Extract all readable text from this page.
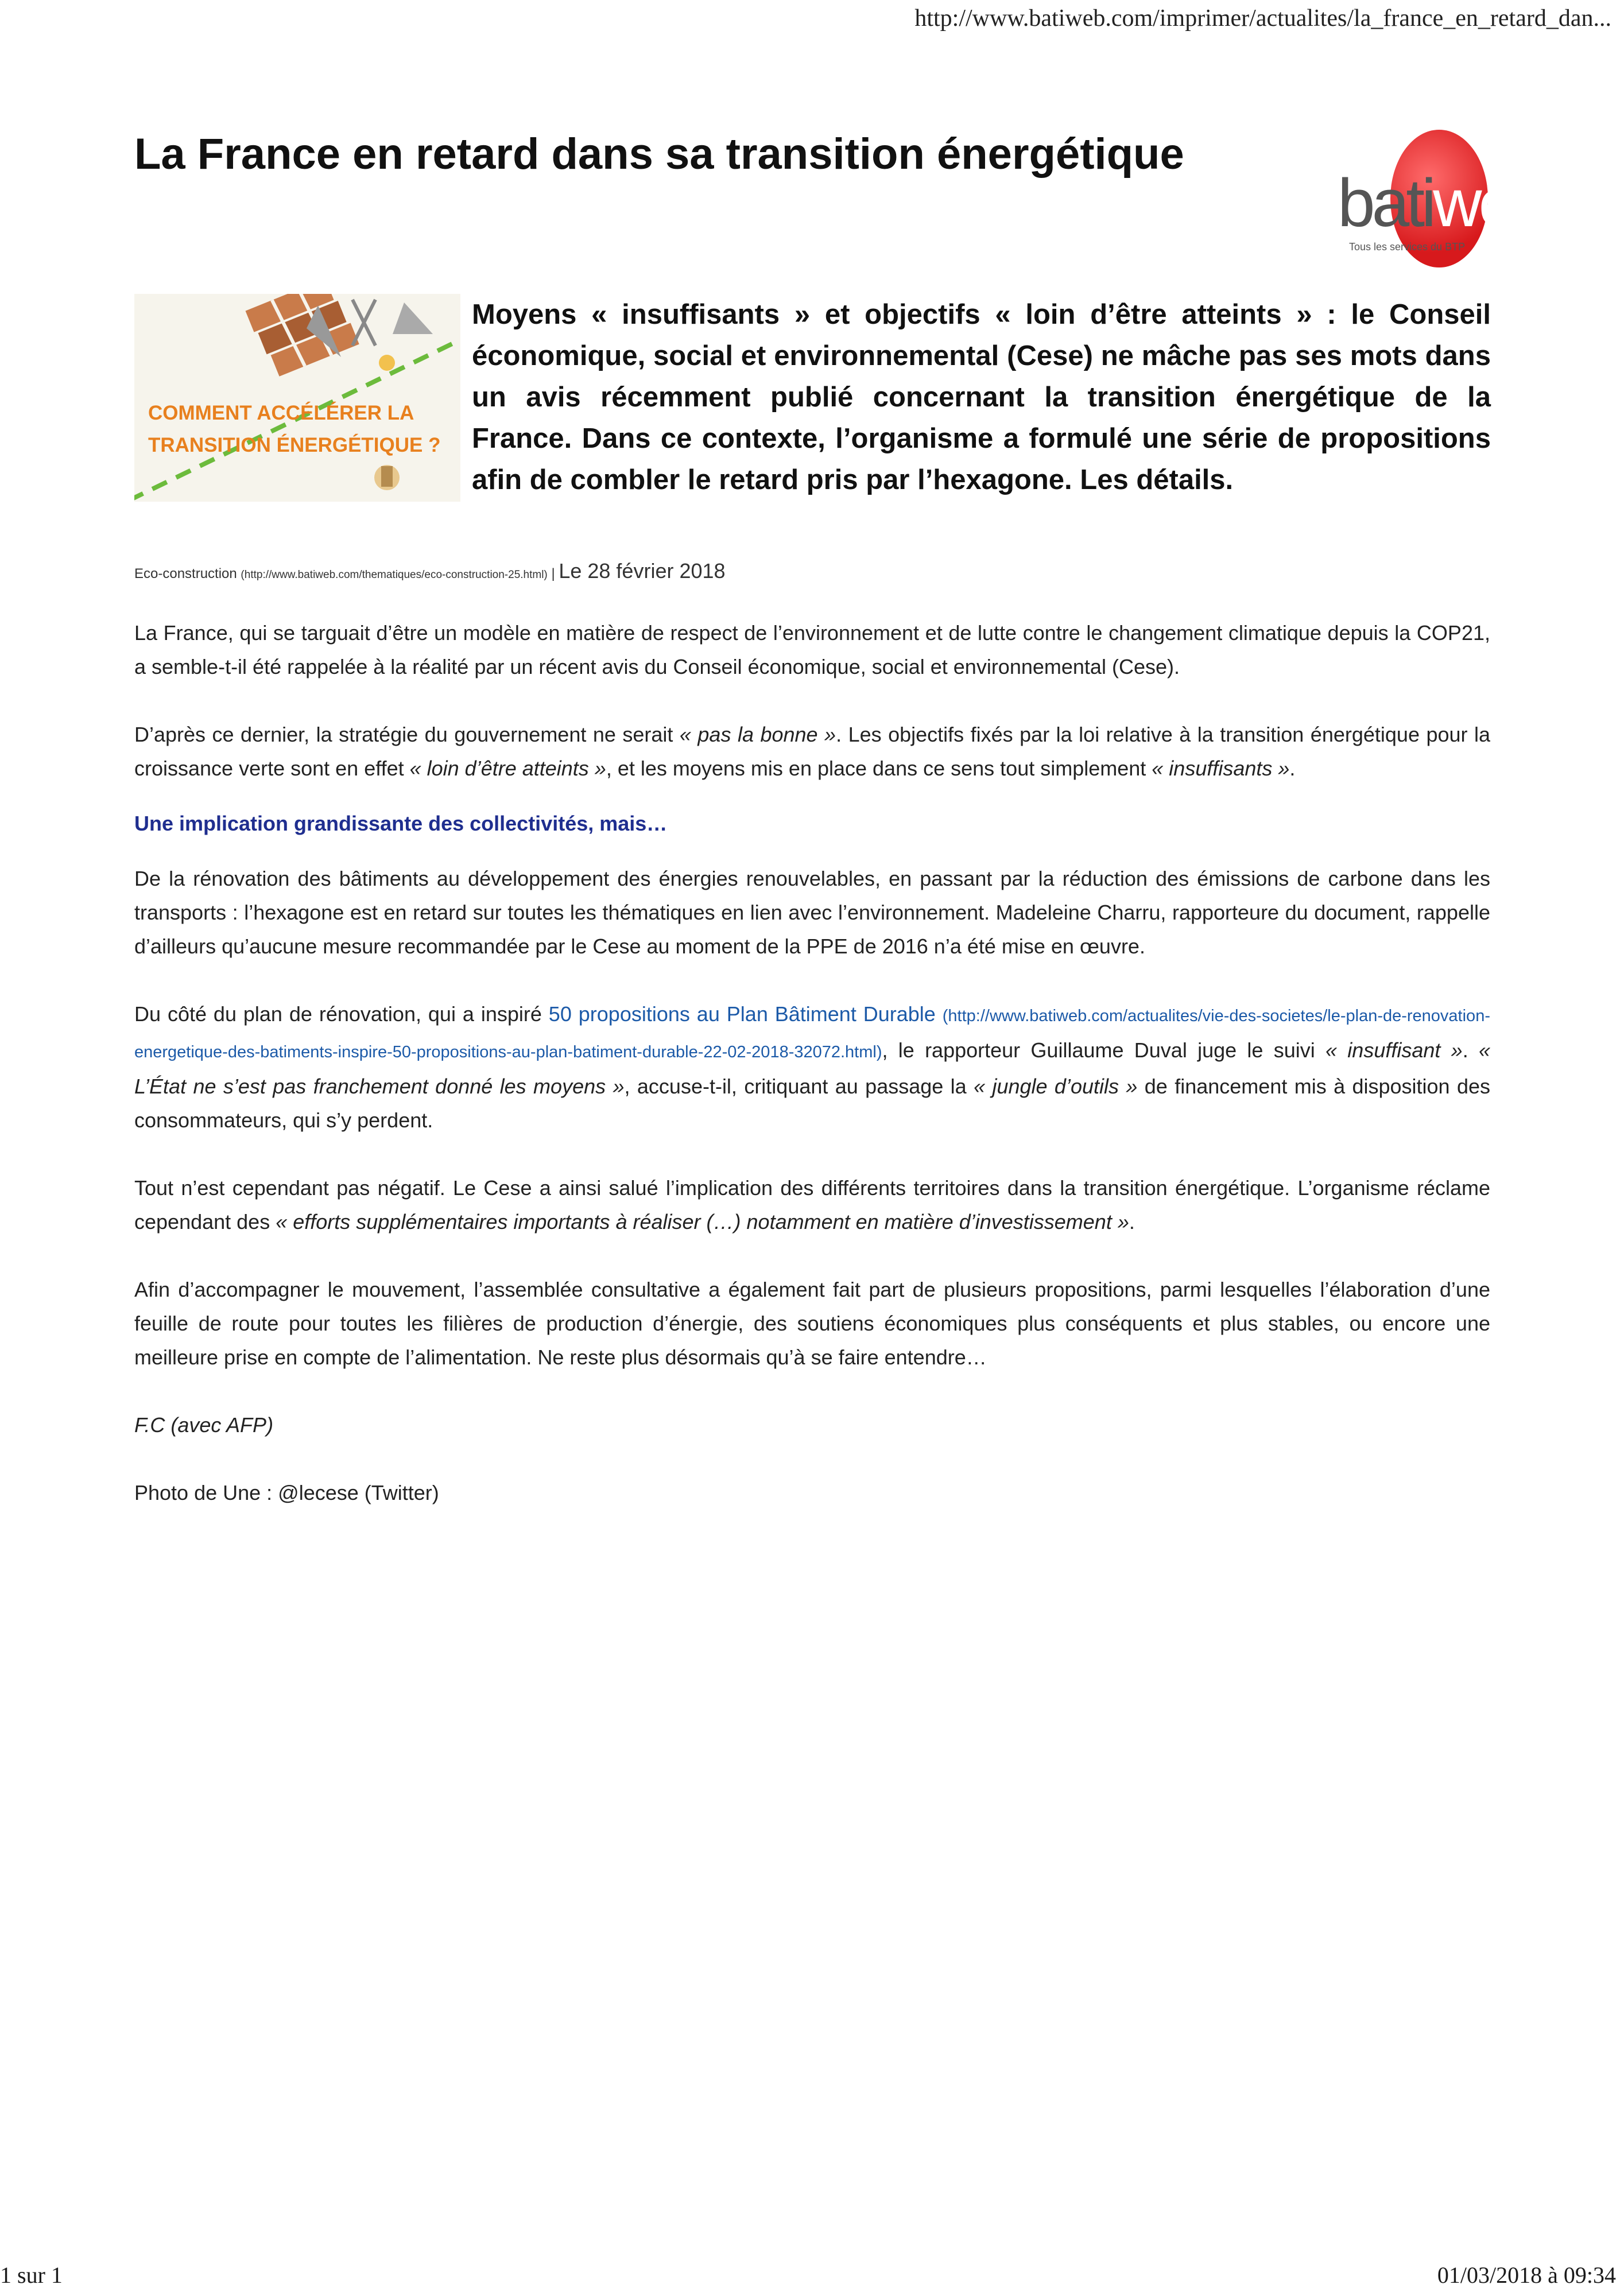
http://www.batiweb.com/imprimer/actualites/la_france_en_retard_dan...
La France en retard dans sa transition énergétique
batiweb
Tous les services du BTP
COMMENT ACCÉLÉRER LA
TRANSITION ÉNERGÉTIQUE ?

Moyens « insuffisants » et objectifs « loin d’être atteints » : le Conseil économique, social et environnemental (Cese) ne mâche pas ses mots dans un avis récemment publié concernant la transition énergétique de la France. Dans ce contexte, l’organisme a formulé une série de propositions afin de combler le retard pris par l’hexagone. Les détails.

Eco-construction (http://www.batiweb.com/thematiques/eco-construction-25.html) | Le 28 février 2018

La France, qui se targuait d’être un modèle en matière de respect de l’environnement et de lutte contre le changement climatique depuis la COP21, a semble-t-il été rappelée à la réalité par un récent avis du Conseil économique, social et environnemental (Cese).

D’après ce dernier, la stratégie du gouvernement ne serait « pas la bonne ». Les objectifs fixés par la loi relative à la transition énergétique pour la croissance verte sont en effet « loin d’être atteints », et les moyens mis en place dans ce sens tout simplement « insuffisants ».

Une implication grandissante des collectivités, mais…

De la rénovation des bâtiments au développement des énergies renouvelables, en passant par la réduction des émissions de carbone dans les transports : l’hexagone est en retard sur toutes les thématiques en lien avec l’environnement. Madeleine Charru, rapporteure du document, rappelle d’ailleurs qu’aucune mesure recommandée par le Cese au moment de la PPE de 2016 n’a été mise en œuvre.

Du côté du plan de rénovation, qui a inspiré 50 propositions au Plan Bâtiment Durable (http://www.batiweb.com/actualites/vie-des-societes/le-plan-de-renovation-energetique-des-batiments-inspire-50-propositions-au-plan-batiment-durable-22-02-2018-32072.html), le rapporteur Guillaume Duval juge le suivi « insuffisant ». « L’État ne s’est pas franchement donné les moyens », accuse-t-il, critiquant au passage la « jungle d’outils » de financement mis à disposition des consommateurs, qui s’y perdent.

Tout n’est cependant pas négatif. Le Cese a ainsi salué l’implication des différents territoires dans la transition énergétique. L’organisme réclame cependant des « efforts supplémentaires importants à réaliser (…) notamment en matière d’investissement ».

Afin d’accompagner le mouvement, l’assemblée consultative a également fait part de plusieurs propositions, parmi lesquelles l’élaboration d’une feuille de route pour toutes les filières de production d’énergie, des soutiens économiques plus conséquents et plus stables, ou encore une meilleure prise en compte de l’alimentation. Ne reste plus désormais qu’à se faire entendre…

F.C (avec AFP)

Photo de Une : @lecese (Twitter)

1 sur 1	01/03/2018 à 09:34
